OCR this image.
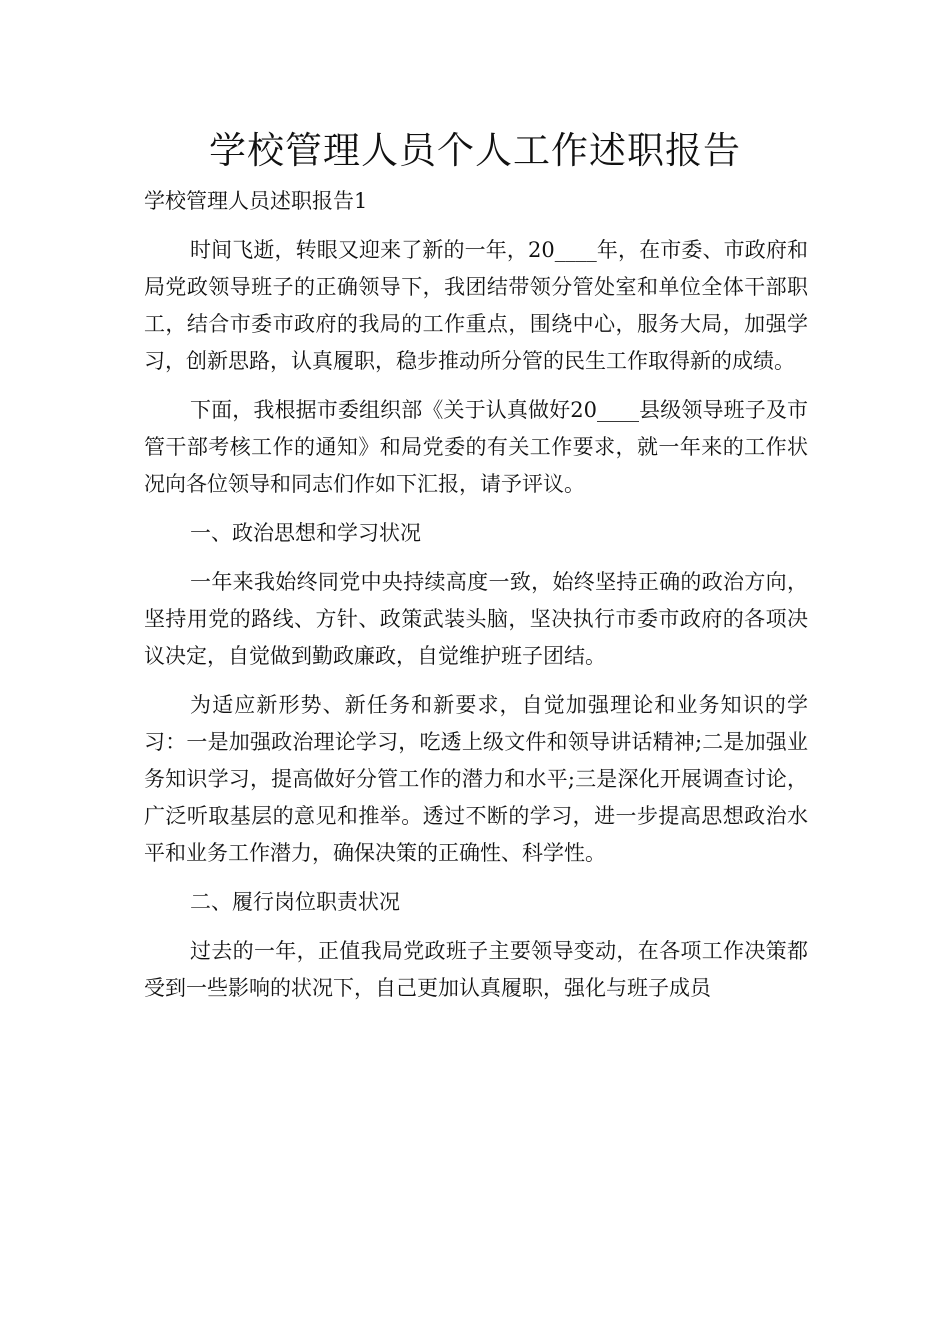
学校管理人员个人工作述职报告

学校管理人员述职报告1

时间飞逝，转眼又迎来了新的一年，20____年，在市委、市政府和局党政领导班子的正确领导下，我团结带领分管处室和单位全体干部职工，结合市委市政府的我局的工作重点，围绕中心，服务大局，加强学习，创新思路，认真履职，稳步推动所分管的民生工作取得新的成绩。

下面，我根据市委组织部《关于认真做好20____县级领导班子及市管干部考核工作的通知》和局党委的有关工作要求，就一年来的工作状况向各位领导和同志们作如下汇报，请予评议。

一、政治思想和学习状况

一年来我始终同党中央持续高度一致，始终坚持正确的政治方向，坚持用党的路线、方针、政策武装头脑，坚决执行市委市政府的各项决议决定，自觉做到勤政廉政，自觉维护班子团结。

为适应新形势、新任务和新要求，自觉加强理论和业务知识的学习：一是加强政治理论学习，吃透上级文件和领导讲话精神;二是加强业务知识学习，提高做好分管工作的潜力和水平;三是深化开展调查讨论，广泛听取基层的意见和推举。透过不断的学习，进一步提高思想政治水平和业务工作潜力，确保决策的正确性、科学性。

二、履行岗位职责状况

过去的一年，正值我局党政班子主要领导变动，在各项工作决策都受到一些影响的状况下，自己更加认真履职，强化与班子成员
